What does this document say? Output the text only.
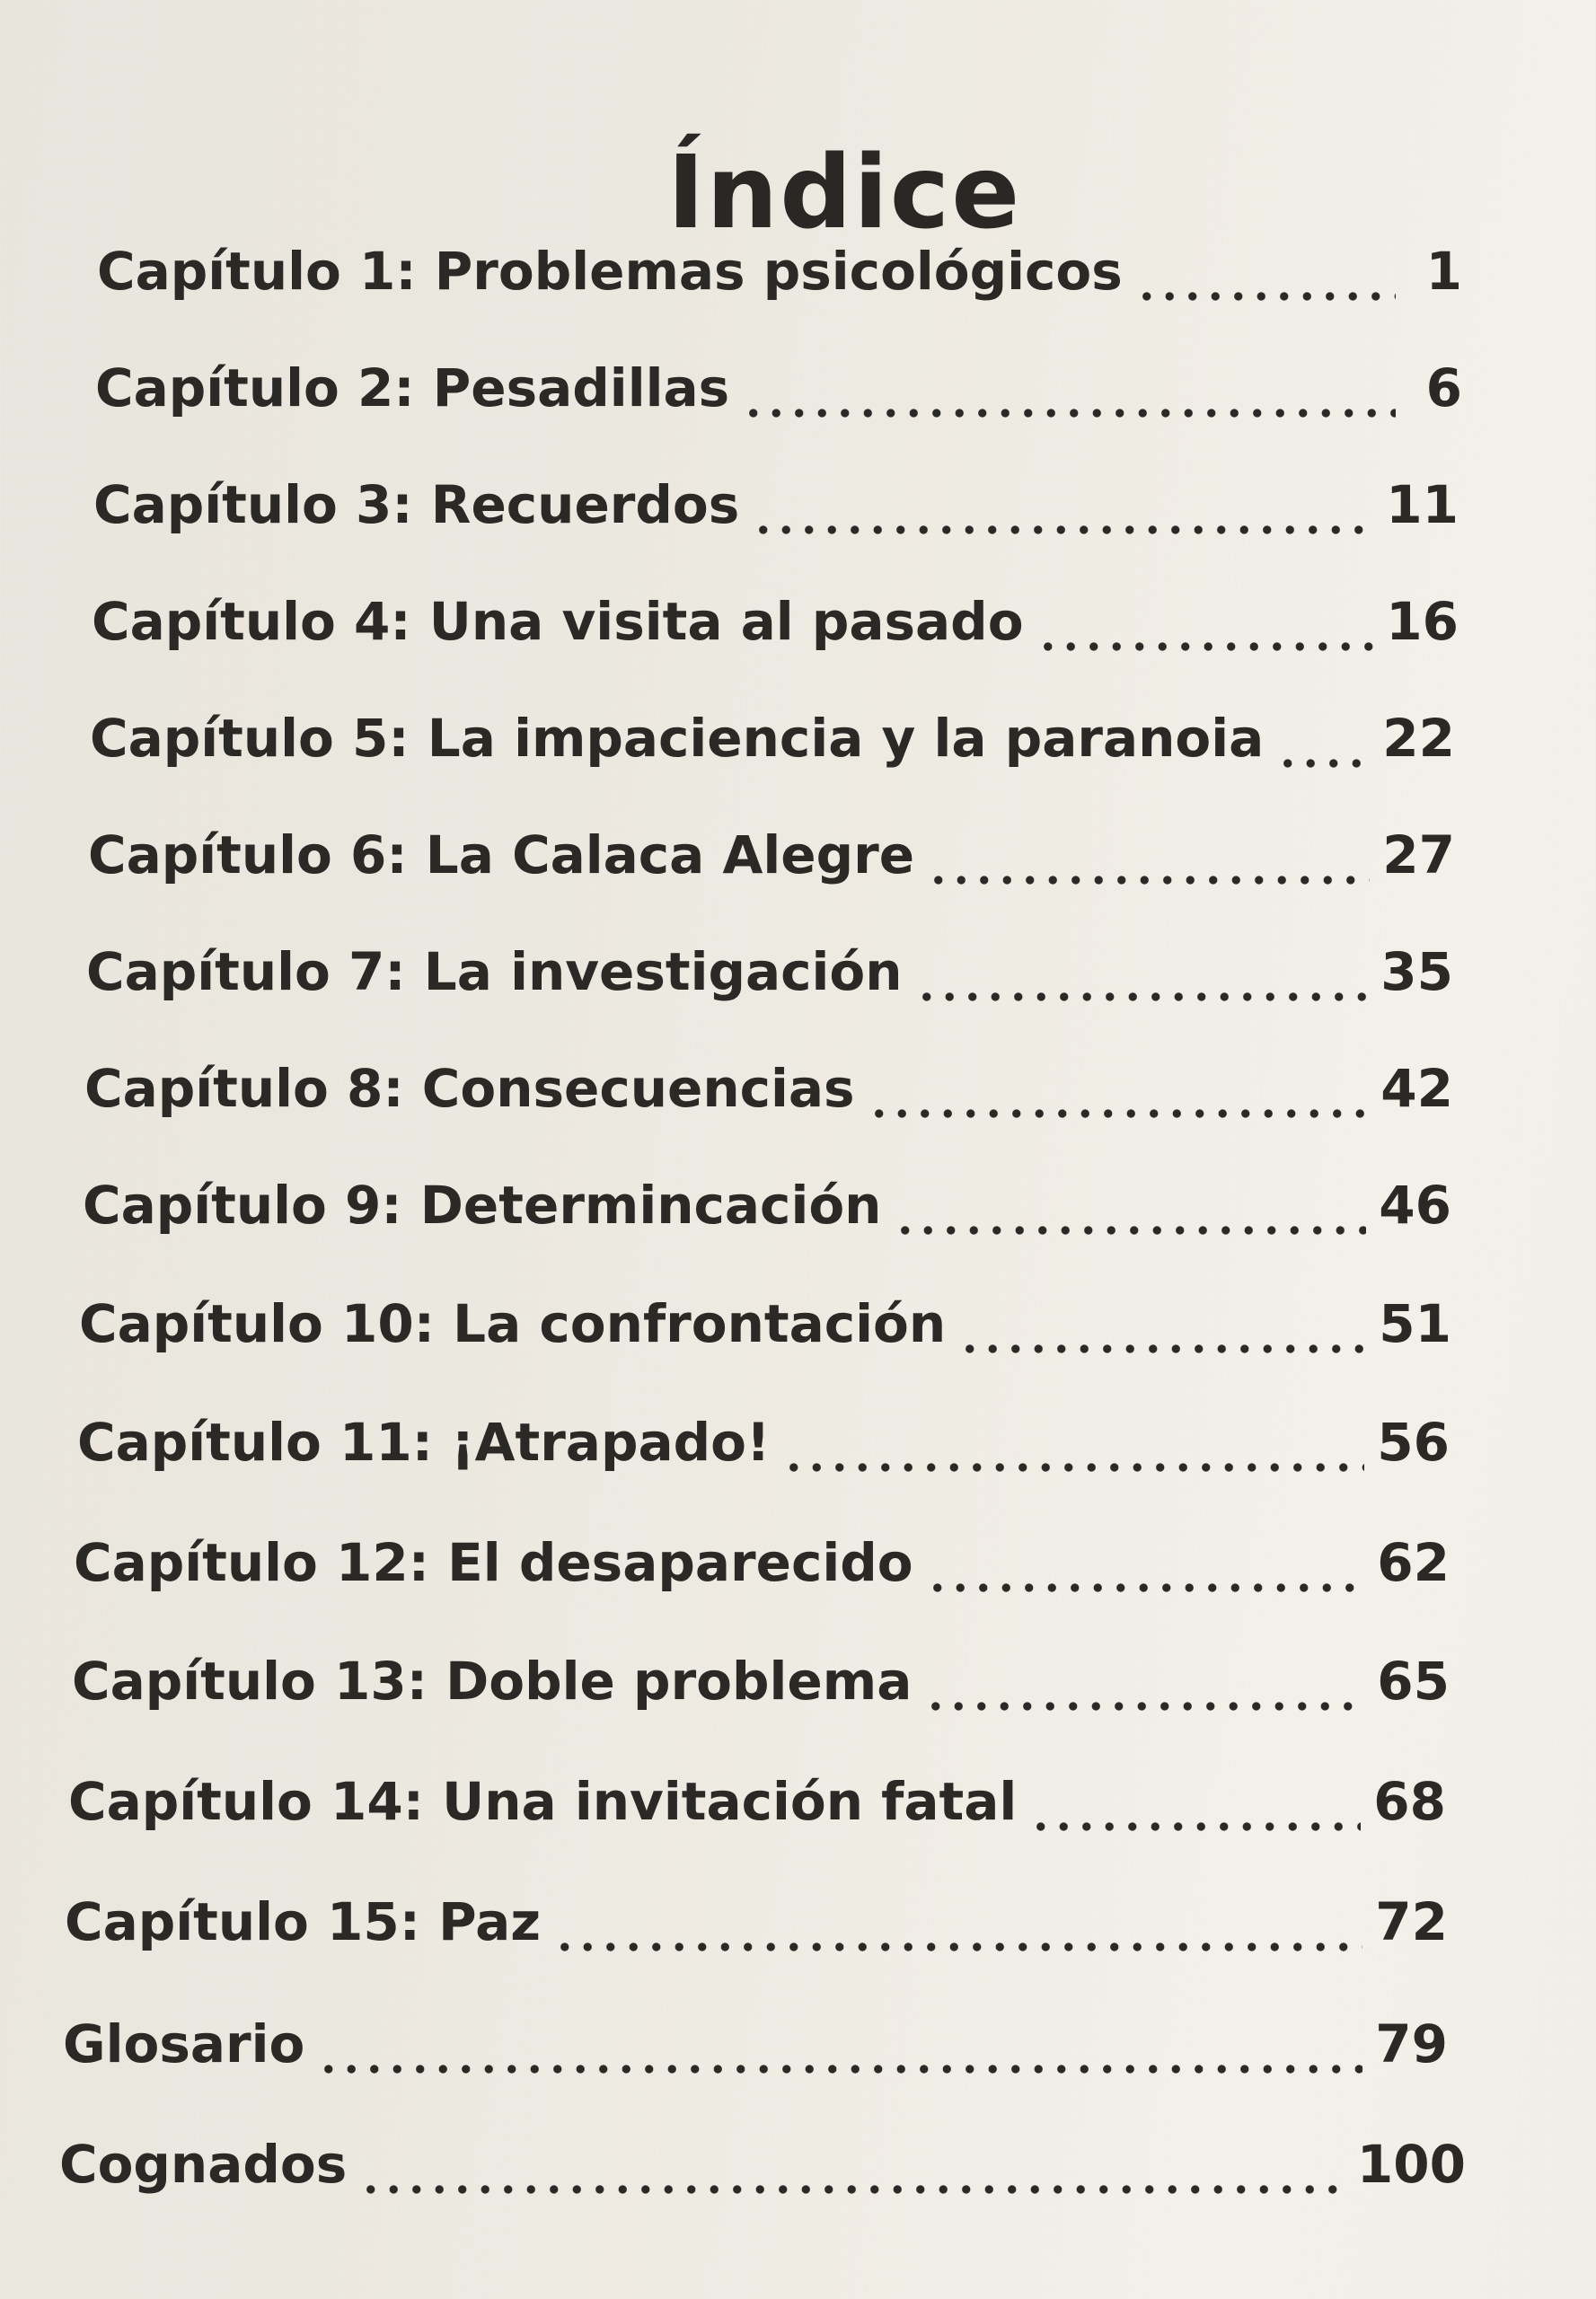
Índice
Capítulo 1: Problemas psicológicos	1
Capítulo 2: Pesadillas	6
Capítulo 3: Recuerdos	11
Capítulo 4: Una visita al pasado	16
Capítulo 5: La impaciencia y la paranoia 22
Capítulo 6: La Calaca Alegre	27
Capítulo 7: La investigación	35
Capítulo 8: Consecuencias	42
Capítulo 9: Determincación	46
Capítulo 10: La confrontación	51
Capítulo 11: ¡Atrapado!	56
Capítulo 12: El desaparecido	62
Capítulo 13: Doble problema	65
Capítulo 14: Una invitación fatal	68
Capítulo 15: Paz	72
Glosario	79
Cognados	100
